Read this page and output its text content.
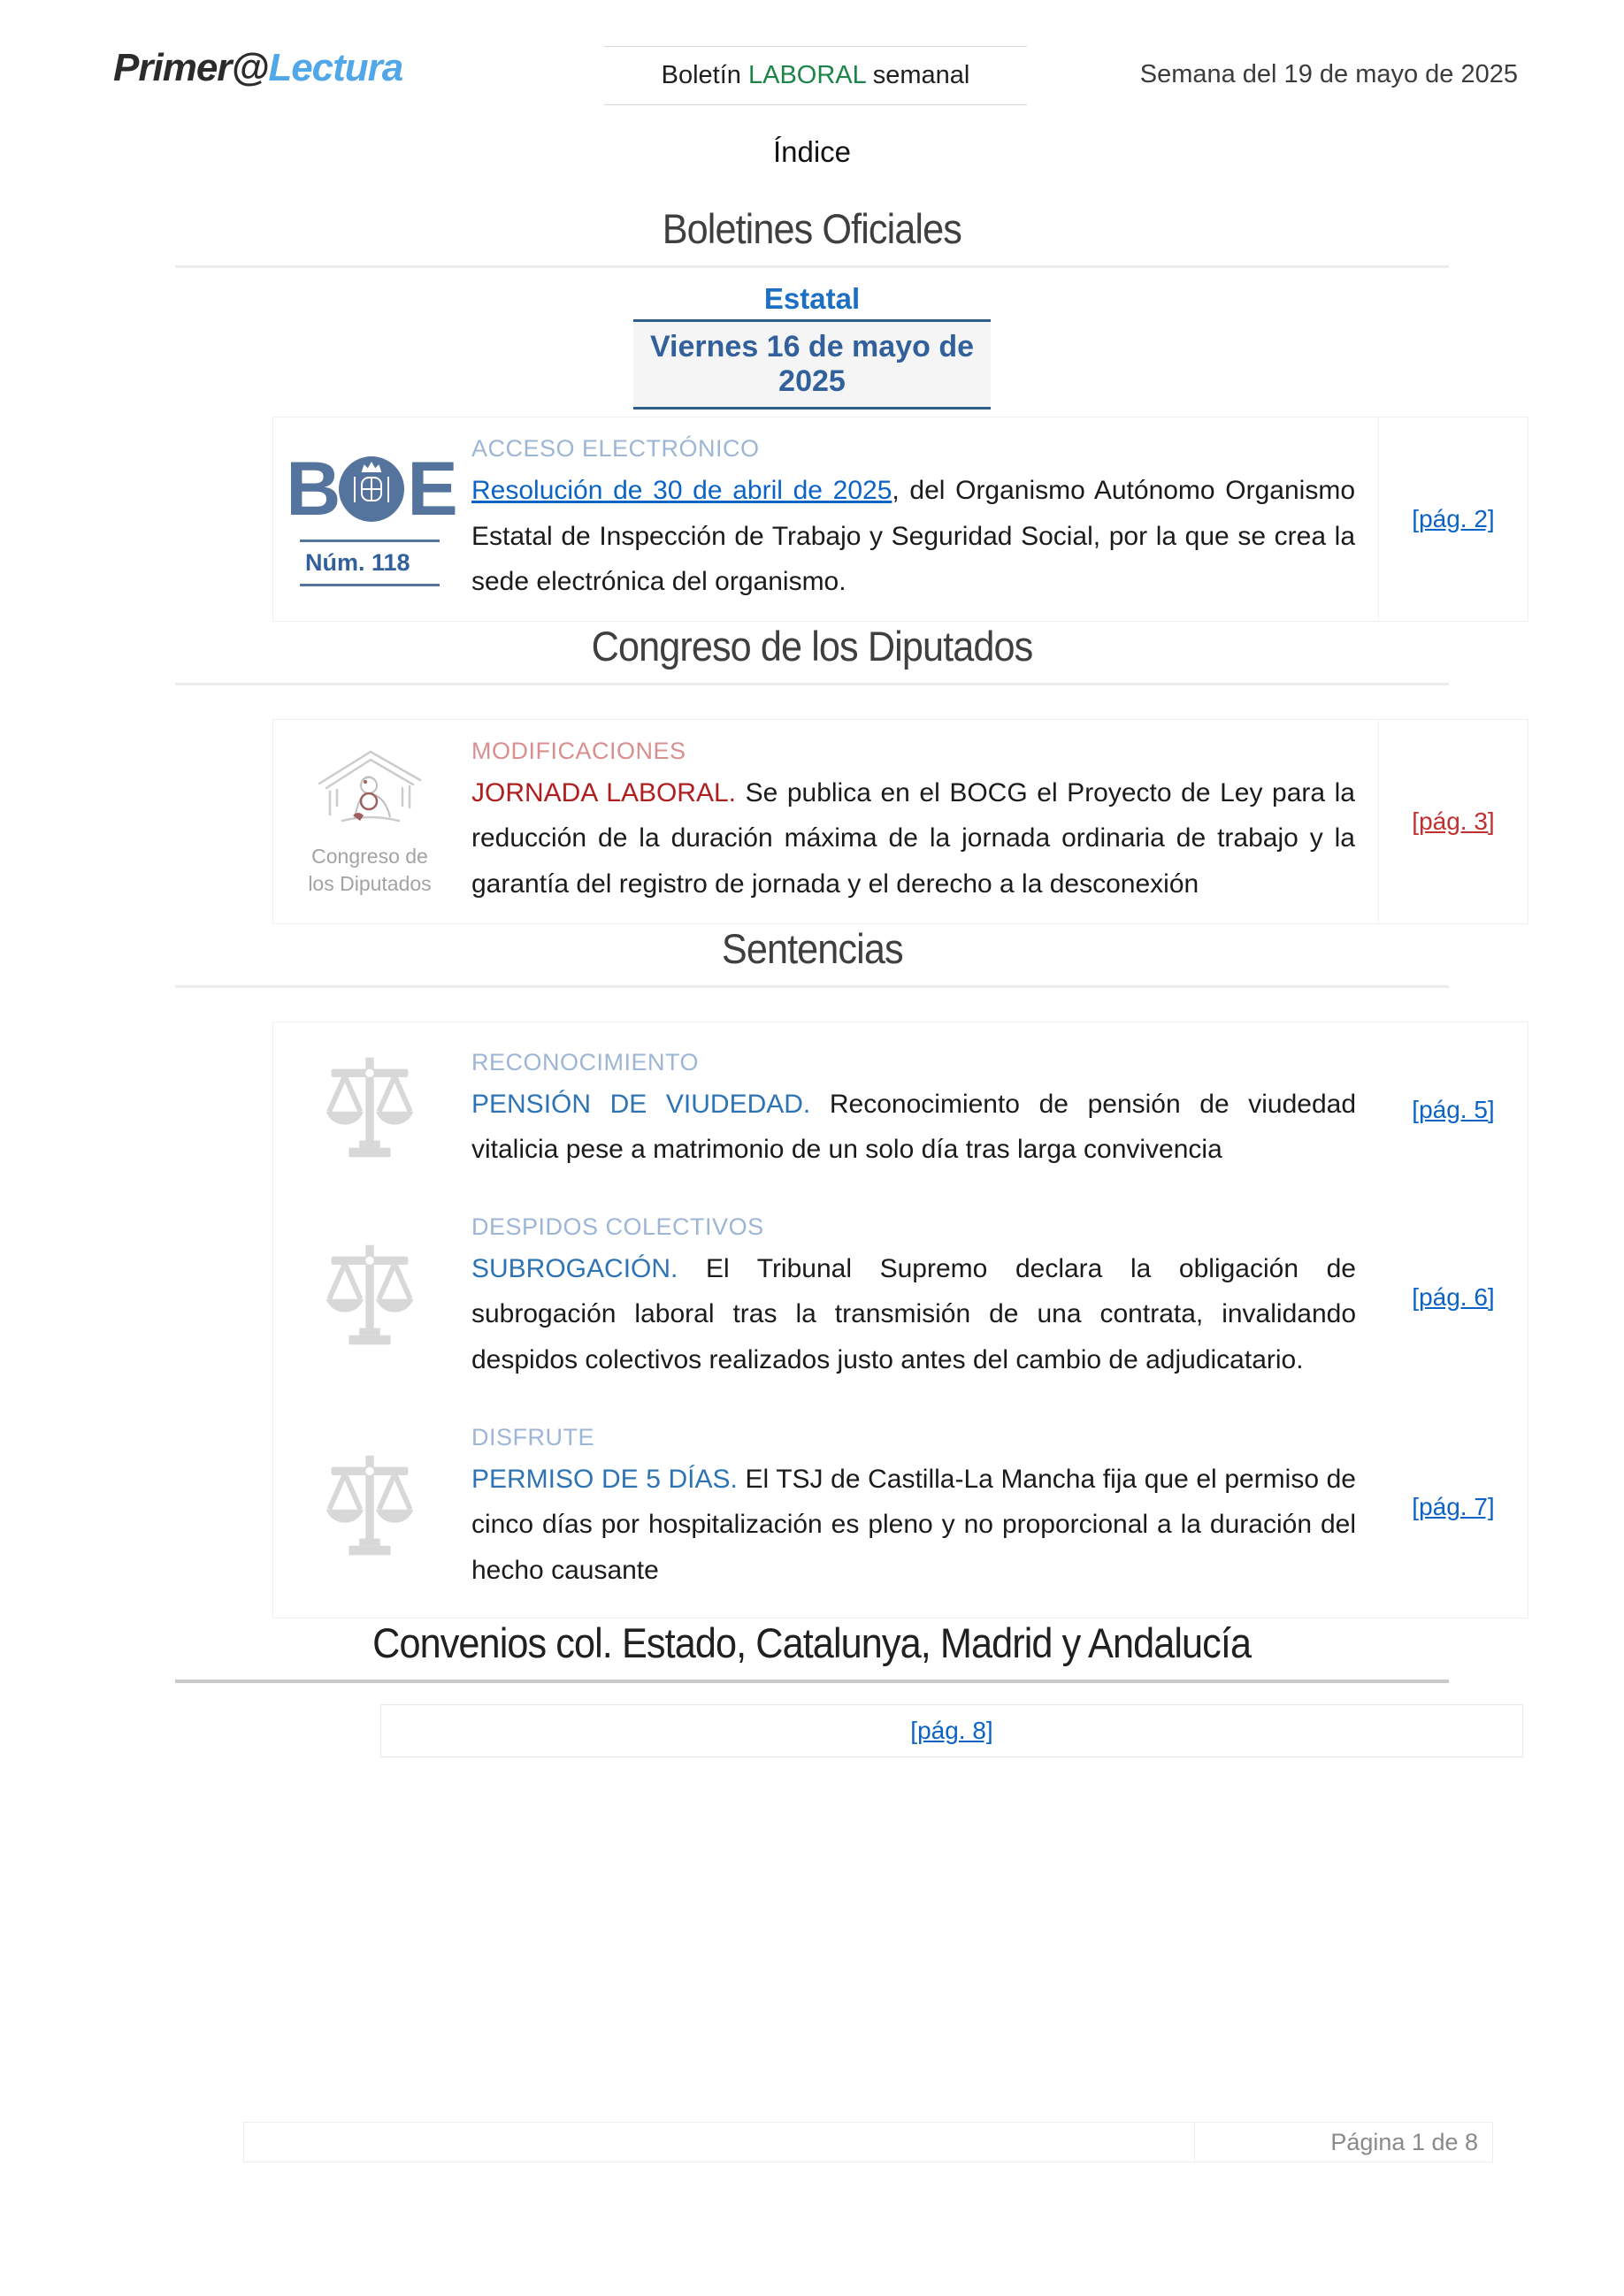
Primer@Lectura	Boletín LABORAL semanal	Semana del 19 de mayo de 2025
Índice
Boletines Oficiales
Estatal
Viernes 16 de mayo de 2025
B E
Núm. 118
ACCESO ELECTRÓNICO

Resolución de 30 de abril de 2025, del Organismo Autónomo Organismo Estatal de Inspección de Trabajo y Seguridad Social, por la que se crea la sede electrónica del organismo.

[pág. 2]
Congreso de los Diputados
Congreso de
los Diputados
MODIFICACIONES

JORNADA LABORAL. Se publica en el BOCG el Proyecto de Ley para la reducción de la duración máxima de la jornada ordinaria de trabajo y la garantía del registro de jornada y el derecho a la desconexión

[pág. 3]
Sentencias
RECONOCIMIENTO

PENSIÓN DE VIUDEDAD. Reconocimiento de pensión de viudedad vitalicia pese a matrimonio de un solo día tras larga convivencia

[pág. 5]
DESPIDOS COLECTIVOS

SUBROGACIÓN. El Tribunal Supremo declara la obligación de subrogación laboral tras la transmisión de una contrata, invalidando despidos colectivos realizados justo antes del cambio de adjudicatario.

[pág. 6]
DISFRUTE

PERMISO DE 5 DÍAS. El TSJ de Castilla-La Mancha fija que el permiso de cinco días por hospitalización es pleno y no proporcional a la duración del hecho causante

[pág. 7]
Convenios col. Estado, Catalunya, Madrid y Andalucía
[pág. 8]
Página 1 de 8
